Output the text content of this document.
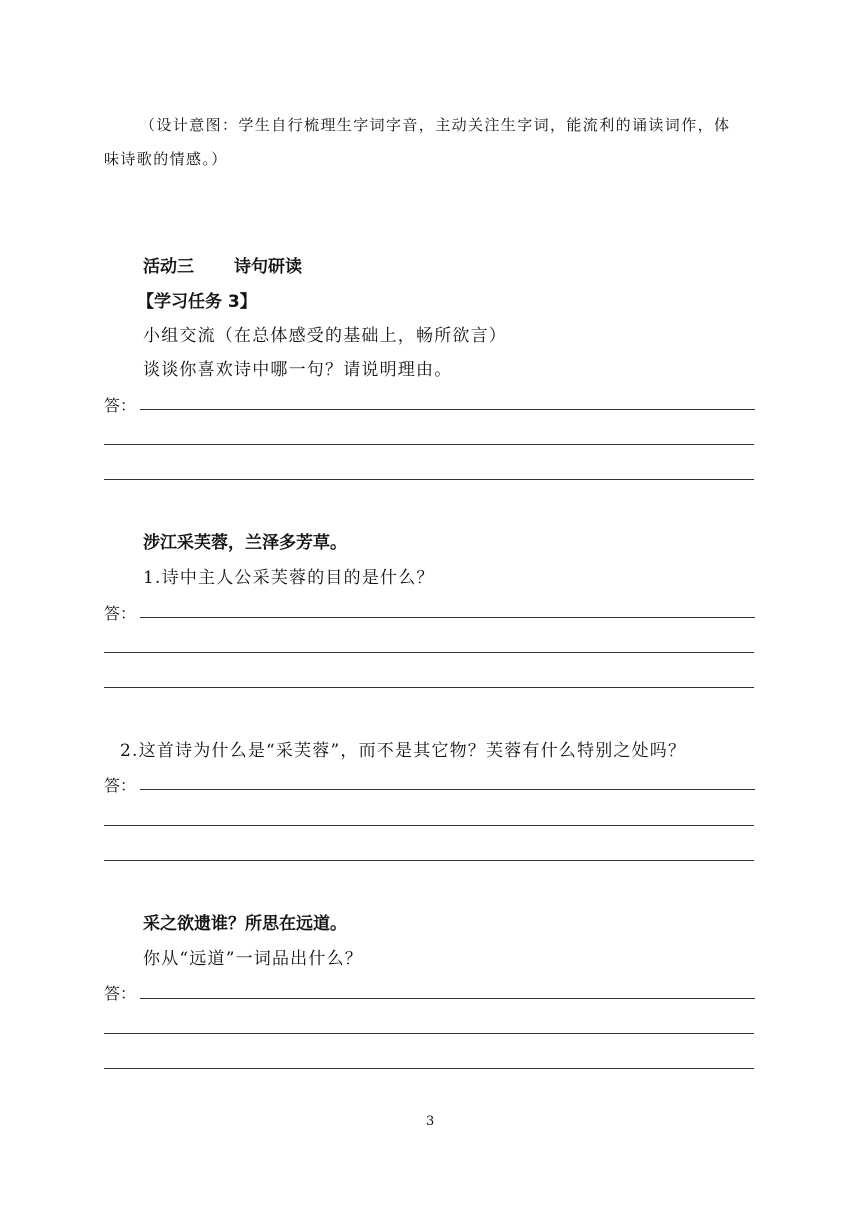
（设计意图：学生自行梳理生字词字音，主动关注生字词，能流利的诵读词作，体
味诗歌的情感。）
活动三 诗句研读
【学习任务 3】
小组交流（在总体感受的基础上，畅所欲言）
谈谈你喜欢诗中哪一句？请说明理由。
答：
涉江采芙蓉，兰泽多芳草。
1.诗中主人公采芙蓉的目的是什么？
答：
2.这首诗为什么是“采芙蓉”，而不是其它物？芙蓉有什么特别之处吗？
答：
采之欲遗谁？所思在远道。
你从“远道”一词品出什么？
答：
3
